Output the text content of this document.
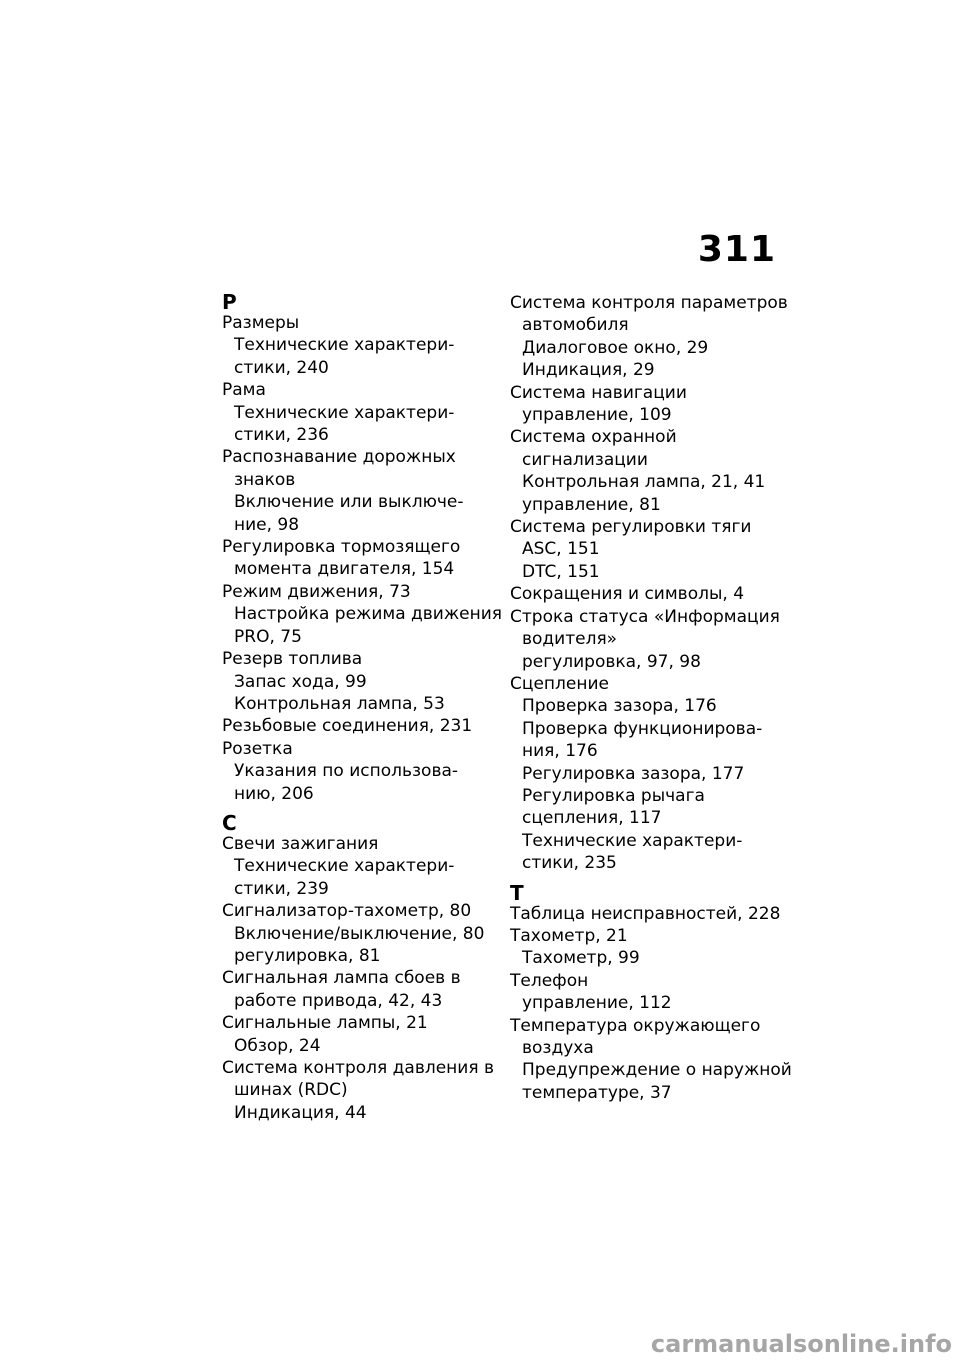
311
Р
Размеры
Технические характери-
стики, 240
Рама
Технические характери-
стики, 236
Распознавание дорожных
знаков
Включение или выключе-
ние, 98
Регулировка тормозящего
момента двигателя, 154
Режим движения, 73
Настройка режима движения
PRO, 75
Резерв топлива
Запас хода, 99
Контрольная лампа, 53
Резьбовые соединения, 231
Розетка
Указания по использова-
нию, 206
С
Свечи зажигания
Технические характери-
стики, 239
Сигнализатор-тахометр, 80
Включение/выключение, 80
регулировка, 81
Сигнальная лампа сбоев в
работе привода, 42, 43
Сигнальные лампы, 21
Обзор, 24
Система контроля давления в
шинах (RDC)
Индикация, 44
Система контроля параметров
автомобиля
Диалоговое окно, 29
Индикация, 29
Система навигации
управление, 109
Система охранной
сигнализации
Контрольная лампа, 21, 41
управление, 81
Система регулировки тяги
ASC, 151
DTC, 151
Сокращения и символы, 4
Строка статуса «Информация
водителя»
регулировка, 97, 98
Сцепление
Проверка зазора, 176
Проверка функционирова-
ния, 176
Регулировка зазора, 177
Регулировка рычага
сцепления, 117
Технические характери-
стики, 235
Т
Таблица неисправностей, 228
Тахометр, 21
Тахометр, 99
Телефон
управление, 112
Температура окружающего
воздуха
Предупреждение о наружной
температуре, 37
carmanualsonline.info
